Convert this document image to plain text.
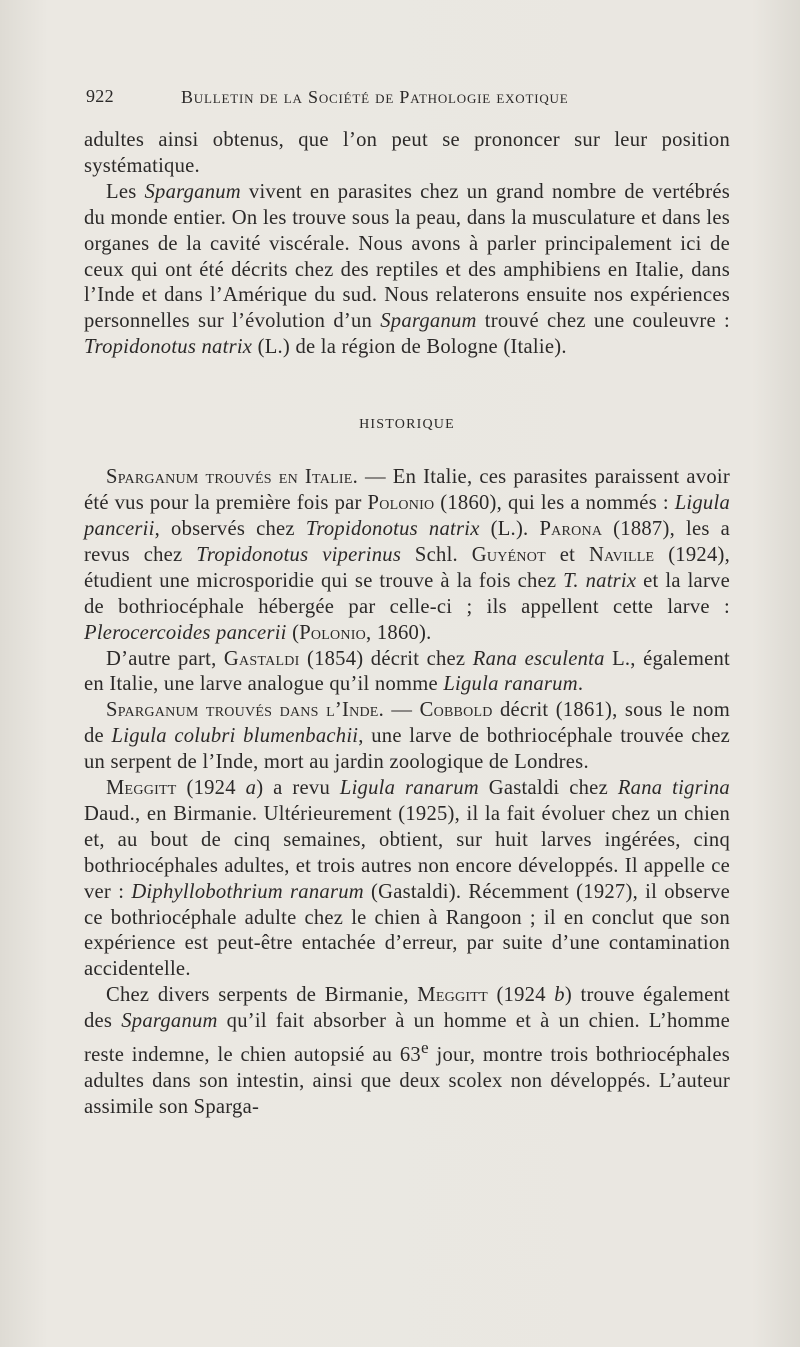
922	Bulletin de la Société de Pathologie exotique

adultes ainsi obtenus, que l’on peut se prononcer sur leur position systématique.

Les Sparganum vivent en parasites chez un grand nombre de vertébrés du monde entier. On les trouve sous la peau, dans la musculature et dans les organes de la cavité viscérale. Nous avons à parler principalement ici de ceux qui ont été décrits chez des reptiles et des amphibiens en Italie, dans l’Inde et dans l’Amérique du sud. Nous relaterons ensuite nos expériences personnelles sur l’évolution d’un Sparganum trouvé chez une couleuvre : Tropidonotus natrix (L.) de la région de Bologne (Italie).

HISTORIQUE

Sparganum trouvés en Italie. — En Italie, ces parasites paraissent avoir été vus pour la première fois par Polonio (1860), qui les a nommés : Ligula pancerii, observés chez Tropidonotus natrix (L.). Parona (1887), les a revus chez Tropidonotus viperinus Schl. Guyénot et Naville (1924), étudient une microsporidie qui se trouve à la fois chez T. natrix et la larve de bothriocéphale hébergée par celle-ci ; ils appellent cette larve : Plerocercoides pancerii (Polonio, 1860).

D’autre part, Gastaldi (1854) décrit chez Rana esculenta L., également en Italie, une larve analogue qu’il nomme Ligula ranarum.

Sparganum trouvés dans l’Inde. — Cobbold décrit (1861), sous le nom de Ligula colubri blumenbachii, une larve de bothriocéphale trouvée chez un serpent de l’Inde, mort au jardin zoologique de Londres.

Meggitt (1924 a) a revu Ligula ranarum Gastaldi chez Rana tigrina Daud., en Birmanie. Ultérieurement (1925), il la fait évoluer chez un chien et, au bout de cinq semaines, obtient, sur huit larves ingérées, cinq bothriocéphales adultes, et trois autres non encore développés. Il appelle ce ver : Diphyllobothrium ranarum (Gastaldi). Récemment (1927), il observe ce bothriocéphale adulte chez le chien à Rangoon ; il en conclut que son expérience est peut-être entachée d’erreur, par suite d’une contamination accidentelle.

Chez divers serpents de Birmanie, Meggitt (1924 b) trouve également des Sparganum qu’il fait absorber à un homme et à un chien. L’homme reste indemne, le chien autopsié au 63e jour, montre trois bothriocéphales adultes dans son intestin, ainsi que deux scolex non développés. L’auteur assimile son Sparga-
